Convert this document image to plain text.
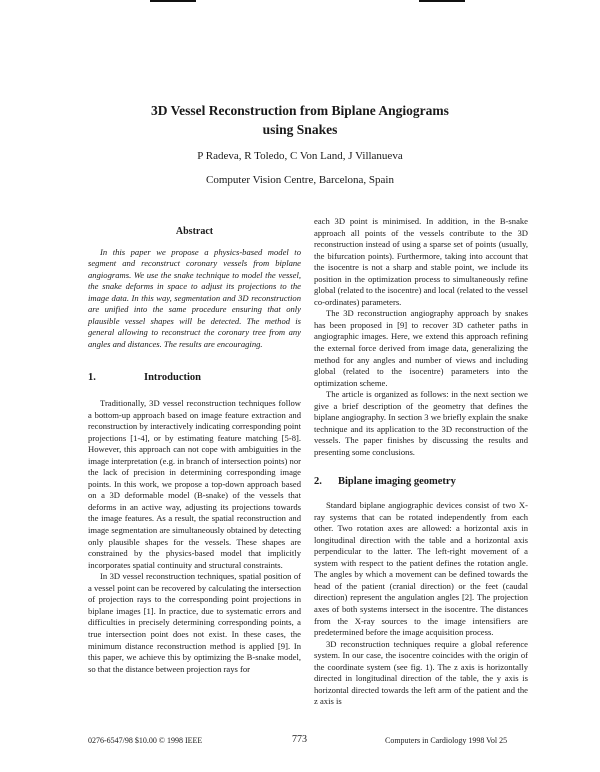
3D Vessel Reconstruction from Biplane Angiograms
using Snakes
P Radeva, R Toledo, C Von Land, J Villanueva
Computer Vision Centre, Barcelona, Spain
Abstract

In this paper we propose a physics-based model to segment and reconstruct coronary vessels from biplane angiograms. We use the snake technique to model the vessel, the snake deforms in space to adjust its projections to the image data. In this way, segmentation and 3D reconstruction are unified into the same procedure ensuring that only plausible vessel shapes will be detected. The method is general allowing to reconstruct the coronary tree from any angles and distances. The results are encouraging.

1.	Introduction

Traditionally, 3D vessel reconstruction techniques follow a bottom-up approach based on image feature extraction and reconstruction by interactively indicating corresponding point projections [1-4], or by estimating feature matching [5-8]. However, this approach can not cope with ambiguities in the image interpretation (e.g. in branch of intersection points) nor the lack of precision in determining corresponding image points. In this work, we propose a top-down approach based on a 3D deformable model (B-snake) of the vessels that deforms in an active way, adjusting its projections towards the image features. As a result, the spatial reconstruction and image segmentation are simultaneously obtained by detecting only plausible shapes for the vessels. These shapes are constrained by the physics-based model that implicitly incorporates spatial continuity and structural constraints.

In 3D vessel reconstruction techniques, spatial position of a vessel point can be recovered by calculating the intersection of projection rays to the corresponding point projections in biplane images [1]. In practice, due to systematic errors and difficulties in precisely determining corresponding points, a true intersection point does not exist. In these cases, the minimum distance reconstruction method is applied [9]. In this paper, we achieve this by optimizing the B-snake model, so that the distance between projection rays for

each 3D point is minimised. In addition, in the B-snake approach all points of the vessels contribute to the 3D reconstruction instead of using a sparse set of points (usually, the bifurcation points). Furthermore, taking into account that the isocentre is not a sharp and stable point, we include its position in the optimization process to simultaneously refine global (related to the isocentre) and local (related to the vessel co-ordinates) parameters.

The 3D reconstruction angiography approach by snakes has been proposed in [9] to recover 3D catheter paths in angiographic images. Here, we extend this approach refining the external force derived from image data, generalizing the method for any angles and number of views and including global (related to the isocentre) parameters into the optimization scheme.

The article is organized as follows: in the next section we give a brief description of the geometry that defines the biplane angiography. In section 3 we briefly explain the snake technique and its application to the 3D reconstruction of the vessels. The paper finishes by discussing the results and presenting some conclusions.

2.	Biplane imaging geometry

Standard biplane angiographic devices consist of two X-ray systems that can be rotated independently from each other. Two rotation axes are allowed: a horizontal axis in longitudinal direction with the table and a horizontal axis perpendicular to the latter. The left-right movement of a system with respect to the patient defines the rotation angle. The angles by which a movement can be defined towards the head of the patient (cranial direction) or the feet (caudal direction) represent the angulation angles [2]. The projection axes of both systems intersect in the isocentre. The distances from the X-ray sources to the image intensifiers are predetermined before the image acquisition process.

3D reconstruction techniques require a global reference system. In our case, the isocentre coincides with the origin of the coordinate system (see fig. 1). The z axis is horizontally directed in longitudinal direction of the table, the y axis is horizontal directed towards the left arm of the patient and the z axis is

0276-6547/98 $10.00 © 1998 IEEE	773	Computers in Cardiology 1998 Vol 25
